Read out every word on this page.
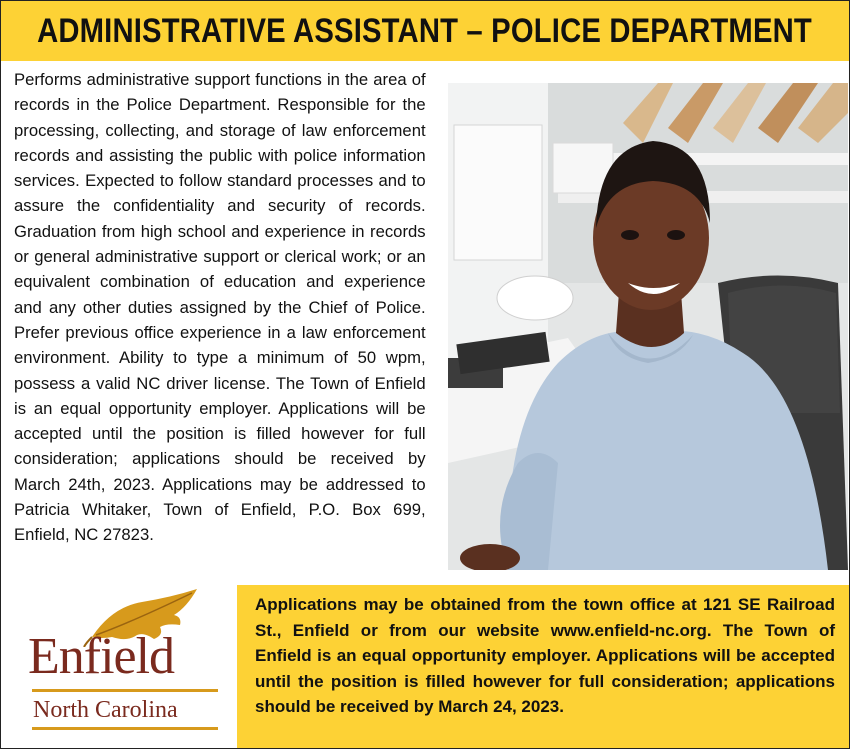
ADMINISTRATIVE ASSISTANT – POLICE DEPARTMENT
Performs administrative support functions in the area of records in the Police Department. Responsible for the processing, collecting, and storage of law enforcement records and assisting the public with police information services. Expected to follow standard processes and to assure the confidentiality and security of records. Graduation from high school and experience in records or general administrative support or clerical work; or an equivalent combination of education and experience and any other duties assigned by the Chief of Police. Prefer previous office experience in a law enforcement environment. Ability to type a minimum of 50 wpm, possess a valid NC driver license. The Town of Enfield is an equal opportunity employer. Applications will be accepted until the position is filled however for full consideration; applications should be received by March 24th, 2023. Applications may be addressed to Patricia Whitaker, Town of Enfield, P.O. Box 699, Enfield, NC 27823.
Enfield
North Carolina

Applications may be obtained from the town office at 121 SE Railroad St., Enfield or from our website www.enfield-nc.org. The Town of Enfield is an equal opportunity employer. Applications will be accepted until the position is filled however for full consideration; applications should be received by March 24, 2023.
